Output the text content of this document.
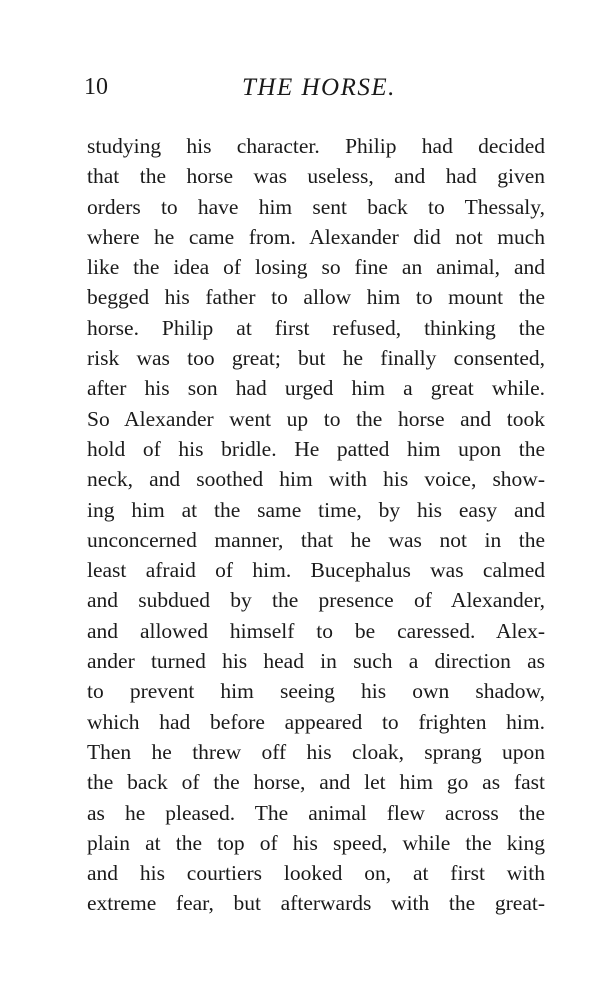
10	THE HORSE.
studying his character. Philip had decided
that the horse was useless, and had given
orders to have him sent back to Thessaly,
where he came from. Alexander did not much
like the idea of losing so fine an animal, and
begged his father to allow him to mount the
horse. Philip at first refused, thinking the
risk was too great; but he finally consented,
after his son had urged him a great while.
So Alexander went up to the horse and took
hold of his bridle. He patted him upon the
neck, and soothed him with his voice, show-
ing him at the same time, by his easy and
unconcerned manner, that he was not in the
least afraid of him. Bucephalus was calmed
and subdued by the presence of Alexander,
and allowed himself to be caressed. Alex-
ander turned his head in such a direction as
to prevent him seeing his own shadow,
which had before appeared to frighten him.
Then he threw off his cloak, sprang upon
the back of the horse, and let him go as fast
as he pleased. The animal flew across the
plain at the top of his speed, while the king
and his courtiers looked on, at first with
extreme fear, but afterwards with the great-
